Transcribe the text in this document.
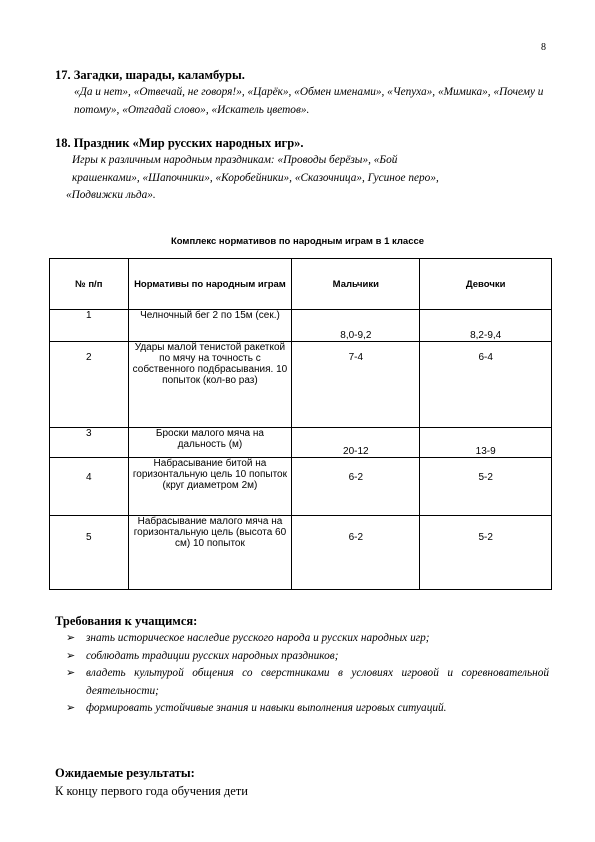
8
17. Загадки, шарады, каламбуры.
«Да и нет», «Отвечай, не говоря!», «Царёк», «Обмен именами», «Чепуха», «Мимика», «Почему и потому», «Отгадай слово», «Искатель цветов».
18. Праздник «Мир русских народных игр».
Игры к различным народным праздникам: «Проводы берёзы», «Бой
крашенками», «Шапочники», «Коробейники», «Сказочница», Гусиное перо»,
«Подвижки льда».
Комплекс нормативов по народным играм в 1 классе
№ п/п	Нормативы по народным играм	Мальчики	Девочки
1	Челночный бег 2 по 15м (сек.)	8,0-9,2	8,2-9,4
2	Удары малой тенистой ракеткой по мячу на точность с собственного подбрасывания. 10 попыток (кол-во раз)	7-4	6-4
3	Броски малого мяча на дальность (м)	20-12	13-9
4	Набрасывание битой на горизонтальную цель 10 попыток (круг диаметром 2м)	6-2	5-2
5	Набрасывание малого мяча на горизонтальную цель (высота 60 см) 10 попыток	6-2	5-2
Требования к учащимся:
➢ знать историческое наследие русского народа и русских народных игр;
➢ соблюдать традиции русских народных праздников;
➢ владеть культурой общения со сверстниками в условиях игровой и соревновательной деятельности;
➢ формировать устойчивые знания и навыки выполнения игровых ситуаций.
Ожидаемые результаты:
К концу первого года обучения дети
